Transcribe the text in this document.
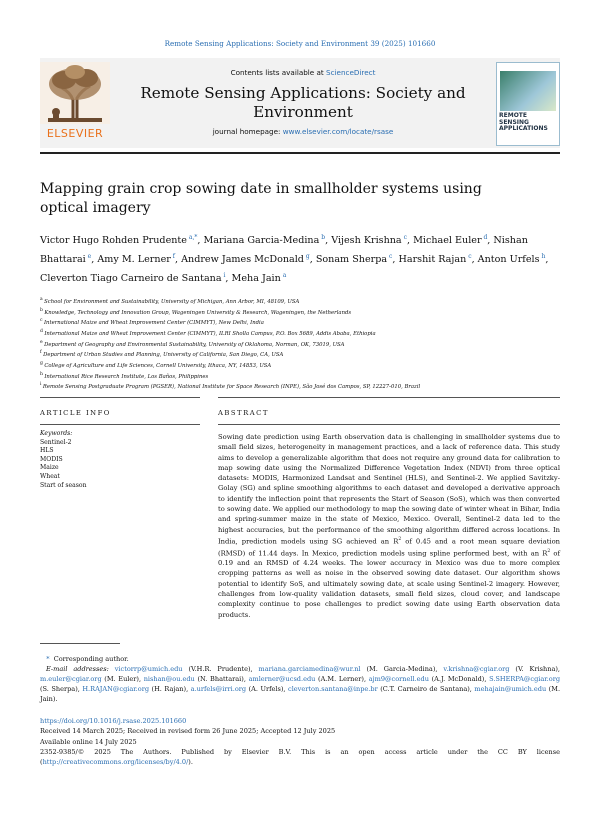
Remote Sensing Applications: Society and Environment 39 (2025) 101660
ELSEVIER
Contents lists available at ScienceDirect
Remote Sensing Applications: Society and Environment
journal homepage: www.elsevier.com/locate/rsase
REMOTE SENSING APPLICATIONS
Mapping grain crop sowing date in smallholder systems using optical imagery
Victor Hugo Rohden Prudente $^{a,*}$, Mariana Garcia-Medina $^b$, Vijesh Krishna $^c$, Michael Euler $^d$, Nishan Bhattarai $^e$, Amy M. Lerner $^f$, Andrew James McDonald $^g$, Sonam Sherpa $^c$, Harshit Rajan $^c$, Anton Urfels $^h$, Cleverton Tiago Carneiro de Santana $^i$, Meha Jain $^a$
$^a$ School for Environment and Sustainability, University of Michigan, Ann Arbor, MI, 48109, USA
$^b$ Knowledge, Technology and Innovation Group, Wageningen University & Research, Wageningen, the Netherlands
$^c$ International Maize and Wheat Improvement Center (CIMMYT), New Delhi, India
$^d$ International Maize and Wheat Improvement Center (CIMMYT), ILRI Sholla Campus, P.O. Box 5689, Addis Ababa, Ethiopia
$^e$ Department of Geography and Environmental Sustainability, University of Oklahoma, Norman, OK, 73019, USA
$^f$ Department of Urban Studies and Planning, University of California, San Diego, CA, USA
$^g$ College of Agriculture and Life Sciences, Cornell University, Ithaca, NY, 14853, USA
$^h$ International Rice Research Institute, Los Baños, Philippines
$^i$ Remote Sensing Postgraduate Program (PGSER), National Institute for Space Research (INPE), São José dos Campos, SP, 12227-010, Brazil
ARTICLE INFO	ABSTRACT
Keywords:
Sentinel-2
HLS
MODIS
Maize
Wheat
Start of season
Sowing date prediction using Earth observation data is challenging in smallholder systems due to small field sizes, heterogeneity in management practices, and a lack of reference data. This study aims to develop a generalizable algorithm that does not require any ground data for calibration to map sowing date using the Normalized Difference Vegetation Index (NDVI) from three optical datasets: MODIS, Harmonized Landsat and Sentinel (HLS), and Sentinel-2. We applied Savitzky-Golay (SG) and spline smoothing algorithms to each dataset and developed a derivative approach to identify the inflection point that represents the Start of Season (SoS), which was then converted to sowing date. We applied our methodology to map the sowing date of winter wheat in Bihar, India and spring-summer maize in the state of Mexico, Mexico. Overall, Sentinel-2 data led to the highest accuracies, but the performance of the smoothing algorithm differed across locations. In India, prediction models using SG achieved an $R^2$ of 0.45 and a root mean square deviation (RMSD) of 11.44 days. In Mexico, prediction models using spline performed best, with an $R^2$ of 0.19 and an RMSD of 4.24 weeks. The lower accuracy in Mexico was due to more complex cropping patterns as well as noise in the observed sowing date dataset. Our algorithm shows potential to identify SoS, and ultimately sowing date, at scale using Sentinel-2 imagery. However, challenges from low-quality validation datasets, small field sizes, cloud cover, and landscape complexity continue to pose challenges to predict sowing date using Earth observation data products.
*  Corresponding author.
E-mail addresses: victorrp@umich.edu (V.H.R. Prudente), mariana.garciamedina@wur.nl (M. Garcia-Medina), v.krishna@cgiar.org (V. Krishna), m.euler@cgiar.org (M. Euler), nishan@ou.edu (N. Bhattarai), amlerner@ucsd.edu (A.M. Lerner), ajm9@cornell.edu (A.J. McDonald), S.SHERPA@cgiar.org (S. Sherpa), H.RAJAN@cgiar.org (H. Rajan), a.urfels@irri.org (A. Urfels), cleverton.santana@inpe.br (C.T. Carneiro de Santana), mehajain@umich.edu (M. Jain).
https://doi.org/10.1016/j.rsase.2025.101660
Received 14 March 2025; Received in revised form 26 June 2025; Accepted 12 July 2025
Available online 14 July 2025
2352-9385/© 2025 The Authors. Published by Elsevier B.V. This is an open access article under the CC BY license
(http://creativecommons.org/licenses/by/4.0/).
